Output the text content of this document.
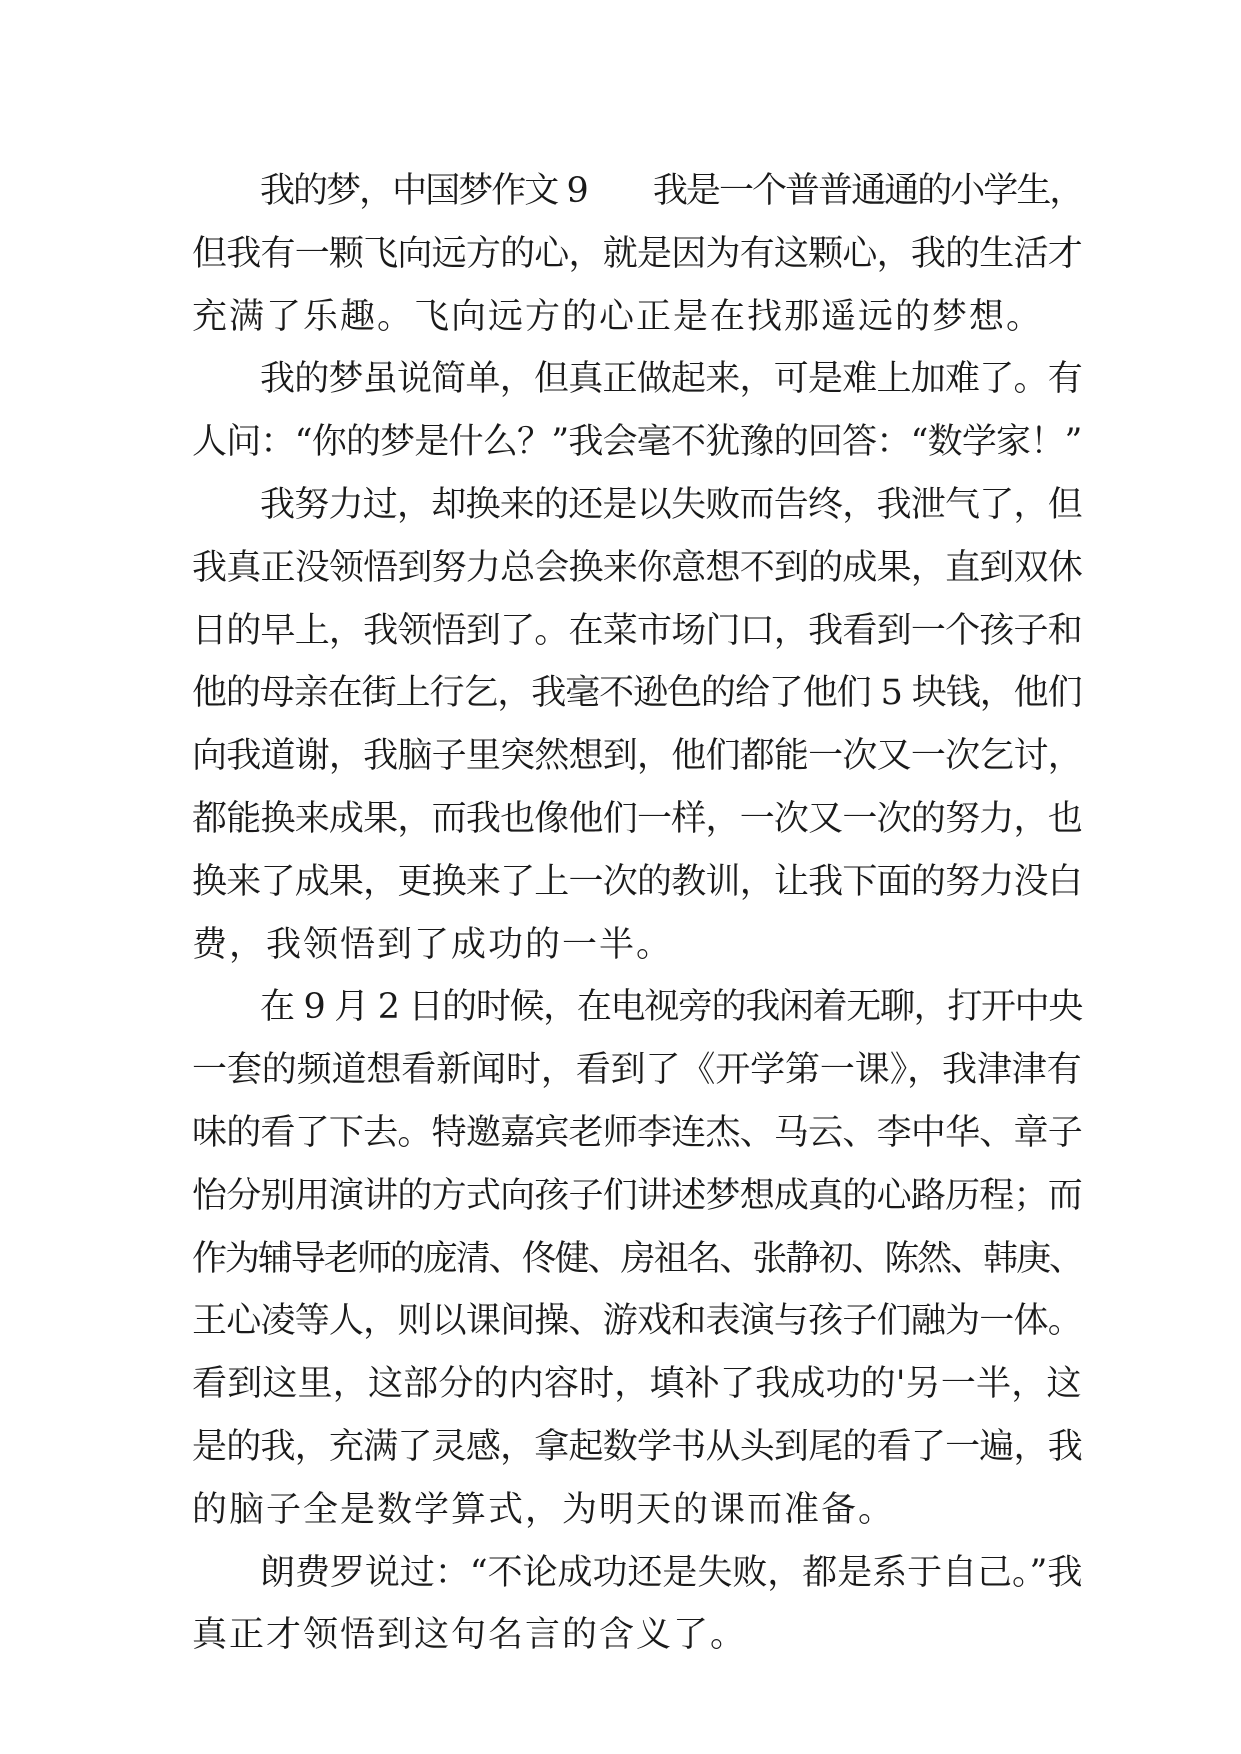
我的梦，中国梦作文 9　　我是一个普普通通的小学生，
但我有一颗飞向远方的心，就是因为有这颗心，我的生活才
充满了乐趣。飞向远方的心正是在找那遥远的梦想。
我的梦虽说简单，但真正做起来，可是难上加难了。有
人问：“你的梦是什么？”我会毫不犹豫的回答：“数学家！”
我努力过，却换来的还是以失败而告终，我泄气了，但
我真正没领悟到努力总会换来你意想不到的成果，直到双休
日的早上，我领悟到了。在菜市场门口，我看到一个孩子和
他的母亲在街上行乞，我毫不逊色的给了他们 5 块钱，他们
向我道谢，我脑子里突然想到，他们都能一次又一次乞讨，
都能换来成果，而我也像他们一样，一次又一次的努力，也
换来了成果，更换来了上一次的教训，让我下面的努力没白
费，我领悟到了成功的一半。
在 9 月 2 日的时候，在电视旁的我闲着无聊，打开中央
一套的频道想看新闻时，看到了《开学第一课》，我津津有
味的看了下去。特邀嘉宾老师李连杰、马云、李中华、章子
怡分别用演讲的方式向孩子们讲述梦想成真的心路历程；而
作为辅导老师的庞清、佟健、房祖名、张静初、陈然、韩庚、
王心凌等人，则以课间操、游戏和表演与孩子们融为一体。
看到这里，这部分的内容时，填补了我成功的'另一半，这
是的我，充满了灵感，拿起数学书从头到尾的看了一遍，我
的脑子全是数学算式，为明天的课而准备。
朗费罗说过：“不论成功还是失败，都是系于自己。”我
真正才领悟到这句名言的含义了。
